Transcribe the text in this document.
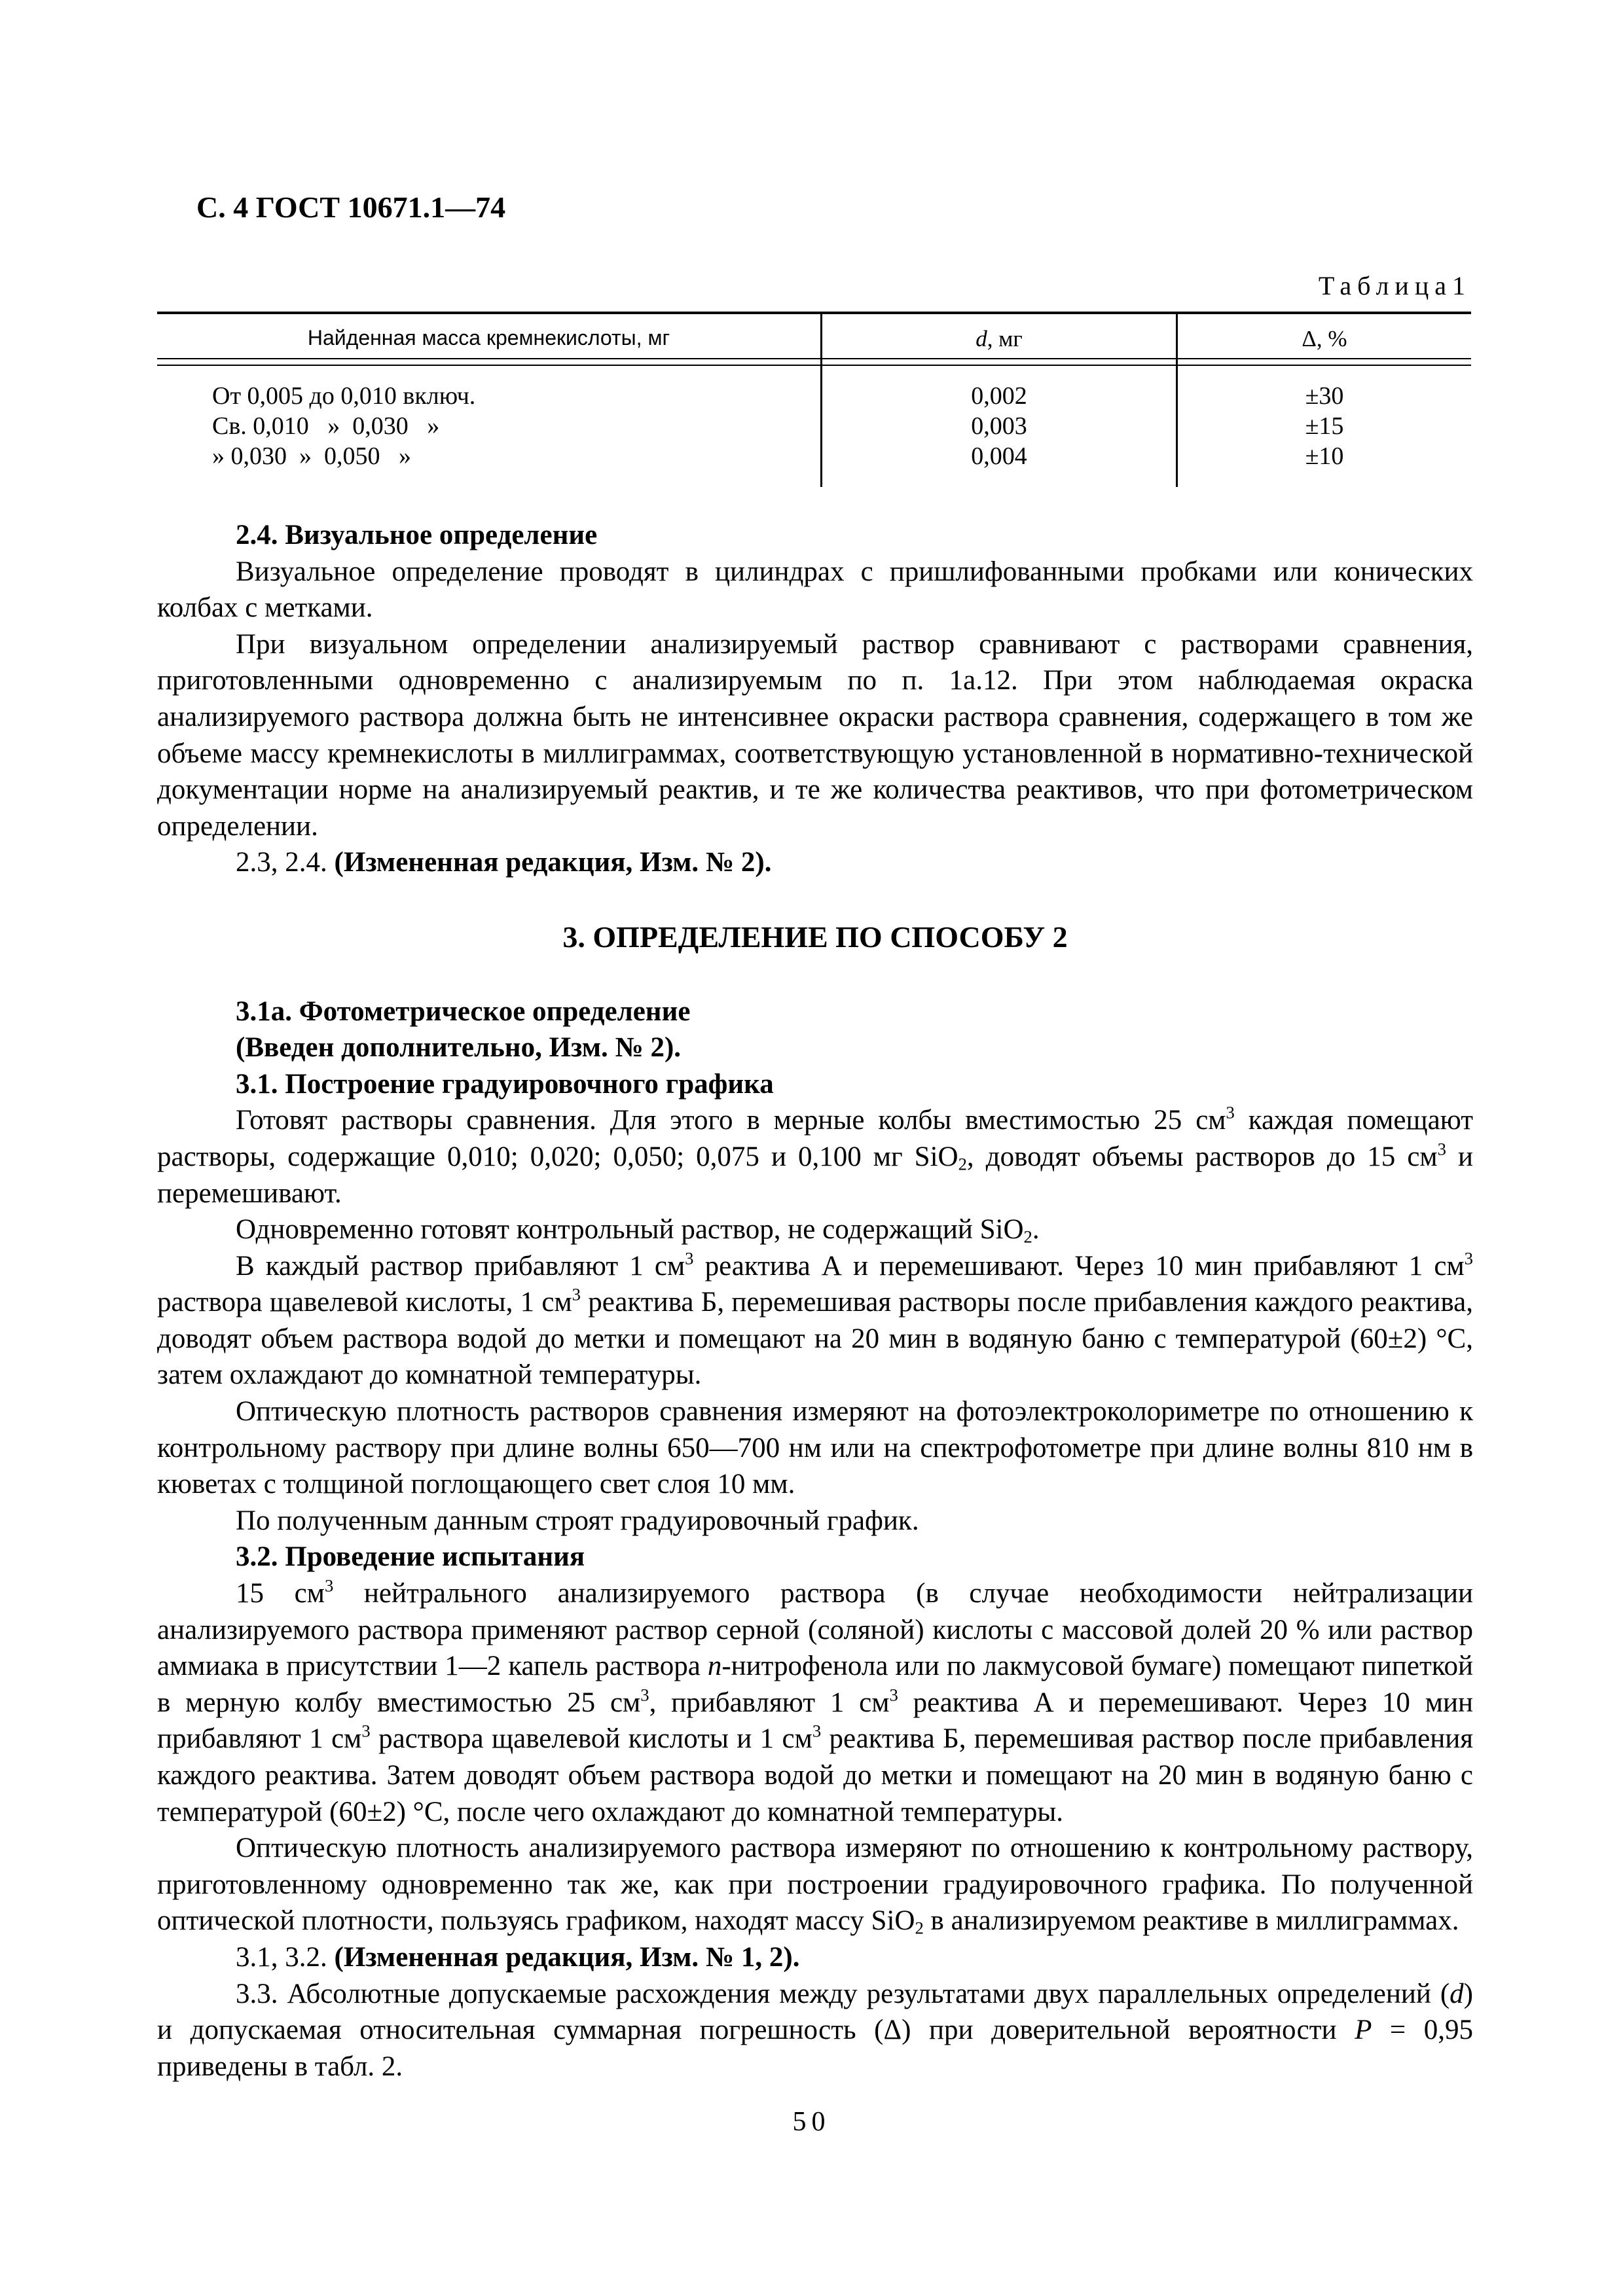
С. 4 ГОСТ 10671.1—74
Таблица1
Найденная масса кремнекислоты, мг	d, мг	Δ, %
От 0,005 до 0,010 включ.
Св. 0,010   »  0,030   »
» 0,030  »  0,050   »
0,002
0,003
0,004
±30
±15
±10
2.4. Визуальное определение

Визуальное определение проводят в цилиндрах с пришлифованными пробками или конических колбах с метками.

При визуальном определении анализируемый раствор сравнивают с растворами сравнения, приготовленными одновременно с анализируемым по п. 1а.12. При этом наблюдаемая окраска анализируемого раствора должна быть не интенсивнее окраски раствора сравнения, содержащего в том же объеме массу кремнекислоты в миллиграммах, соответствующую установленной в нормативно-технической документации норме на анализируемый реактив, и те же количества реактивов, что при фотометрическом определении.

2.3, 2.4. (Измененная редакция, Изм. № 2).

3. ОПРЕДЕЛЕНИЕ ПО СПОСОБУ 2
3.1а. Фотометрическое определение
(Введен дополнительно, Изм. № 2).
3.1. Построение градуировочного графика

Готовят растворы сравнения. Для этого в мерные колбы вместимостью 25 $см^3$ каждая помещают растворы, содержащие 0,010; 0,020; 0,050; 0,075 и 0,100 мг SiO$_2$, доводят объемы растворов до 15 $см^3$ и перемешивают.

Одновременно готовят контрольный раствор, не содержащий SiO$_2$.

В каждый раствор прибавляют 1 $см^3$ реактива А и перемешивают. Через 10 мин прибавляют 1 $см^3$ раствора щавелевой кислоты, 1 $см^3$ реактива Б, перемешивая растворы после прибавления каждого реактива, доводят объем раствора водой до метки и помещают на 20 мин в водяную баню с температурой (60±2) °С, затем охлаждают до комнатной температуры.

Оптическую плотность растворов сравнения измеряют на фотоэлектроколориметре по отношению к контрольному раствору при длине волны 650—700 нм или на спектрофотометре при длине волны 810 нм в кюветах с толщиной поглощающего свет слоя 10 мм.

По полученным данным строят градуировочный график.

3.2. Проведение испытания

15 $см^3$ нейтрального анализируемого раствора (в случае необходимости нейтрализации анализируемого раствора применяют раствор серной (соляной) кислоты с массовой долей 20 % или раствор аммиака в присутствии 1—2 капель раствора n-нитрофенола или по лакмусовой бумаге) помещают пипеткой в мерную колбу вместимостью 25 $см^3$, прибавляют 1 $см^3$ реактива А и перемешивают. Через 10 мин прибавляют 1 $см^3$ раствора щавелевой кислоты и 1 $см^3$ реактива Б, перемешивая раствор после прибавления каждого реактива. Затем доводят объем раствора водой до метки и помещают на 20 мин в водяную баню с температурой (60±2) °С, после чего охлаждают до комнатной температуры.

Оптическую плотность анализируемого раствора измеряют по отношению к контрольному раствору, приготовленному одновременно так же, как при построении градуировочного графика. По полученной оптической плотности, пользуясь графиком, находят массу SiO$_2$ в анализируемом реактиве в миллиграммах.

3.1, 3.2. (Измененная редакция, Изм. № 1, 2).

3.3. Абсолютные допускаемые расхождения между результатами двух параллельных определений (d) и допускаемая относительная суммарная погрешность (Δ) при доверительной вероятности P = 0,95 приведены в табл. 2.

50
